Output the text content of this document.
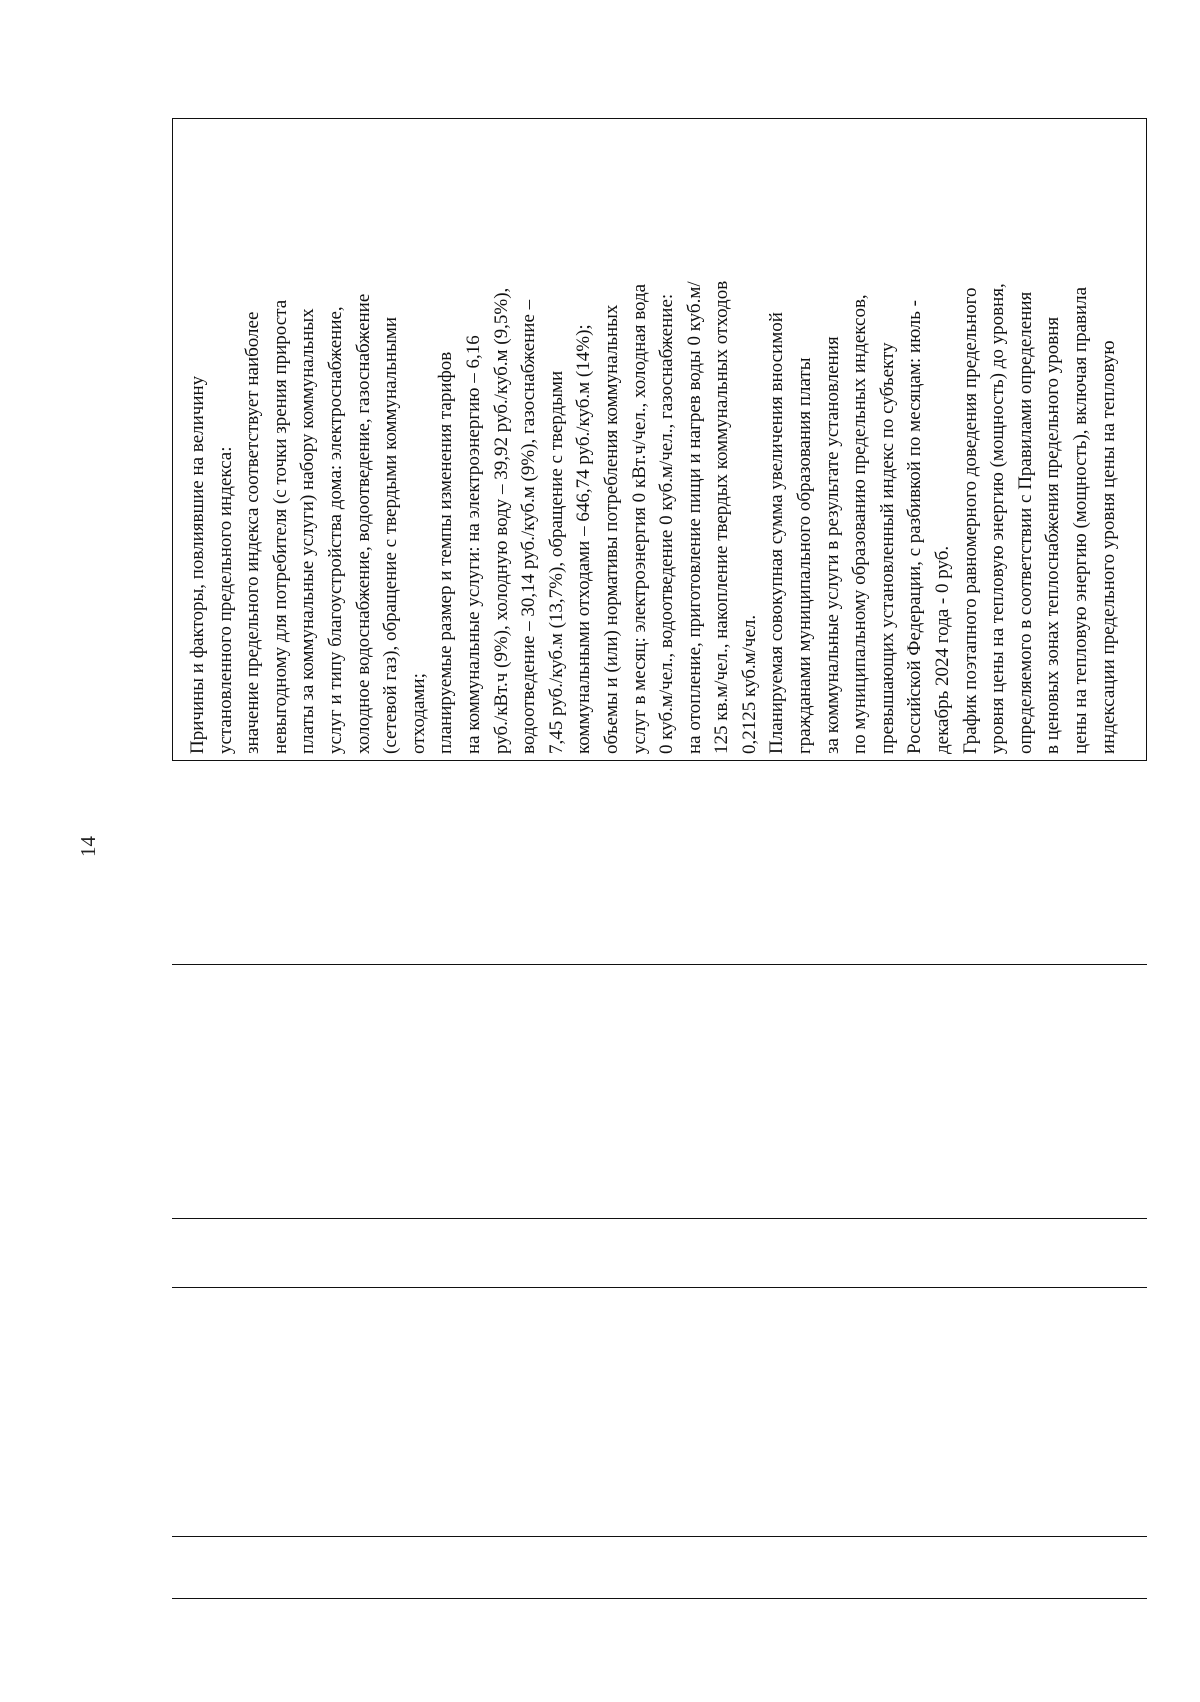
14
Причины и факторы, повлиявшие на величину установленного предельного индекса: значение предельного индекса соответствует наиболее невыгодному для потребителя (с точки зрения прироста платы за коммунальные услуги) набору коммунальных услуг и типу благоустройства дома: электроснабжение, холодное водоснабжение, водоотведение, газоснабжение (сетевой газ), обращение с твердыми коммунальными отходами; планируемые размер и темпы изменения тарифов на коммунальные услуги: на электроэнергию – 6,16 руб./кВт.ч (9%), холодную воду – 39,92 руб./куб.м (9,5%), водоотведение – 30,14 руб./куб.м (9%), газоснабжение – 7,45 руб./куб.м (13,7%), обращение с твердыми коммунальными отходами – 646,74 руб./куб.м (14%); объемы и (или) нормативы потребления коммунальных услуг в месяц: электроэнергия 0 кВт.ч/чел., холодная вода 0 куб.м/чел., водоотведение 0 куб.м/чел., газоснабжение: на отопление, приготовление пищи и нагрев воды 0 куб.м/ 125 кв.м/чел., накопление твердых коммунальных отходов 0,2125 куб.м/чел. Планируемая совокупная сумма увеличения вносимой гражданами муниципального образования платы за коммунальные услуги в результате установления по муниципальному образованию предельных индексов, превышающих установленный индекс по субъекту Российской Федерации, с разбивкой по месяцам: июль - декабрь 2024 года - 0 руб. График поэтапного равномерного доведения предельного уровня цены на тепловую энергию (мощность) до уровня, определяемого в соответствии с Правилами определения в ценовых зонах теплоснабжения предельного уровня цены на тепловую энергию (мощность), включая правила индексации предельного уровня цены на тепловую
